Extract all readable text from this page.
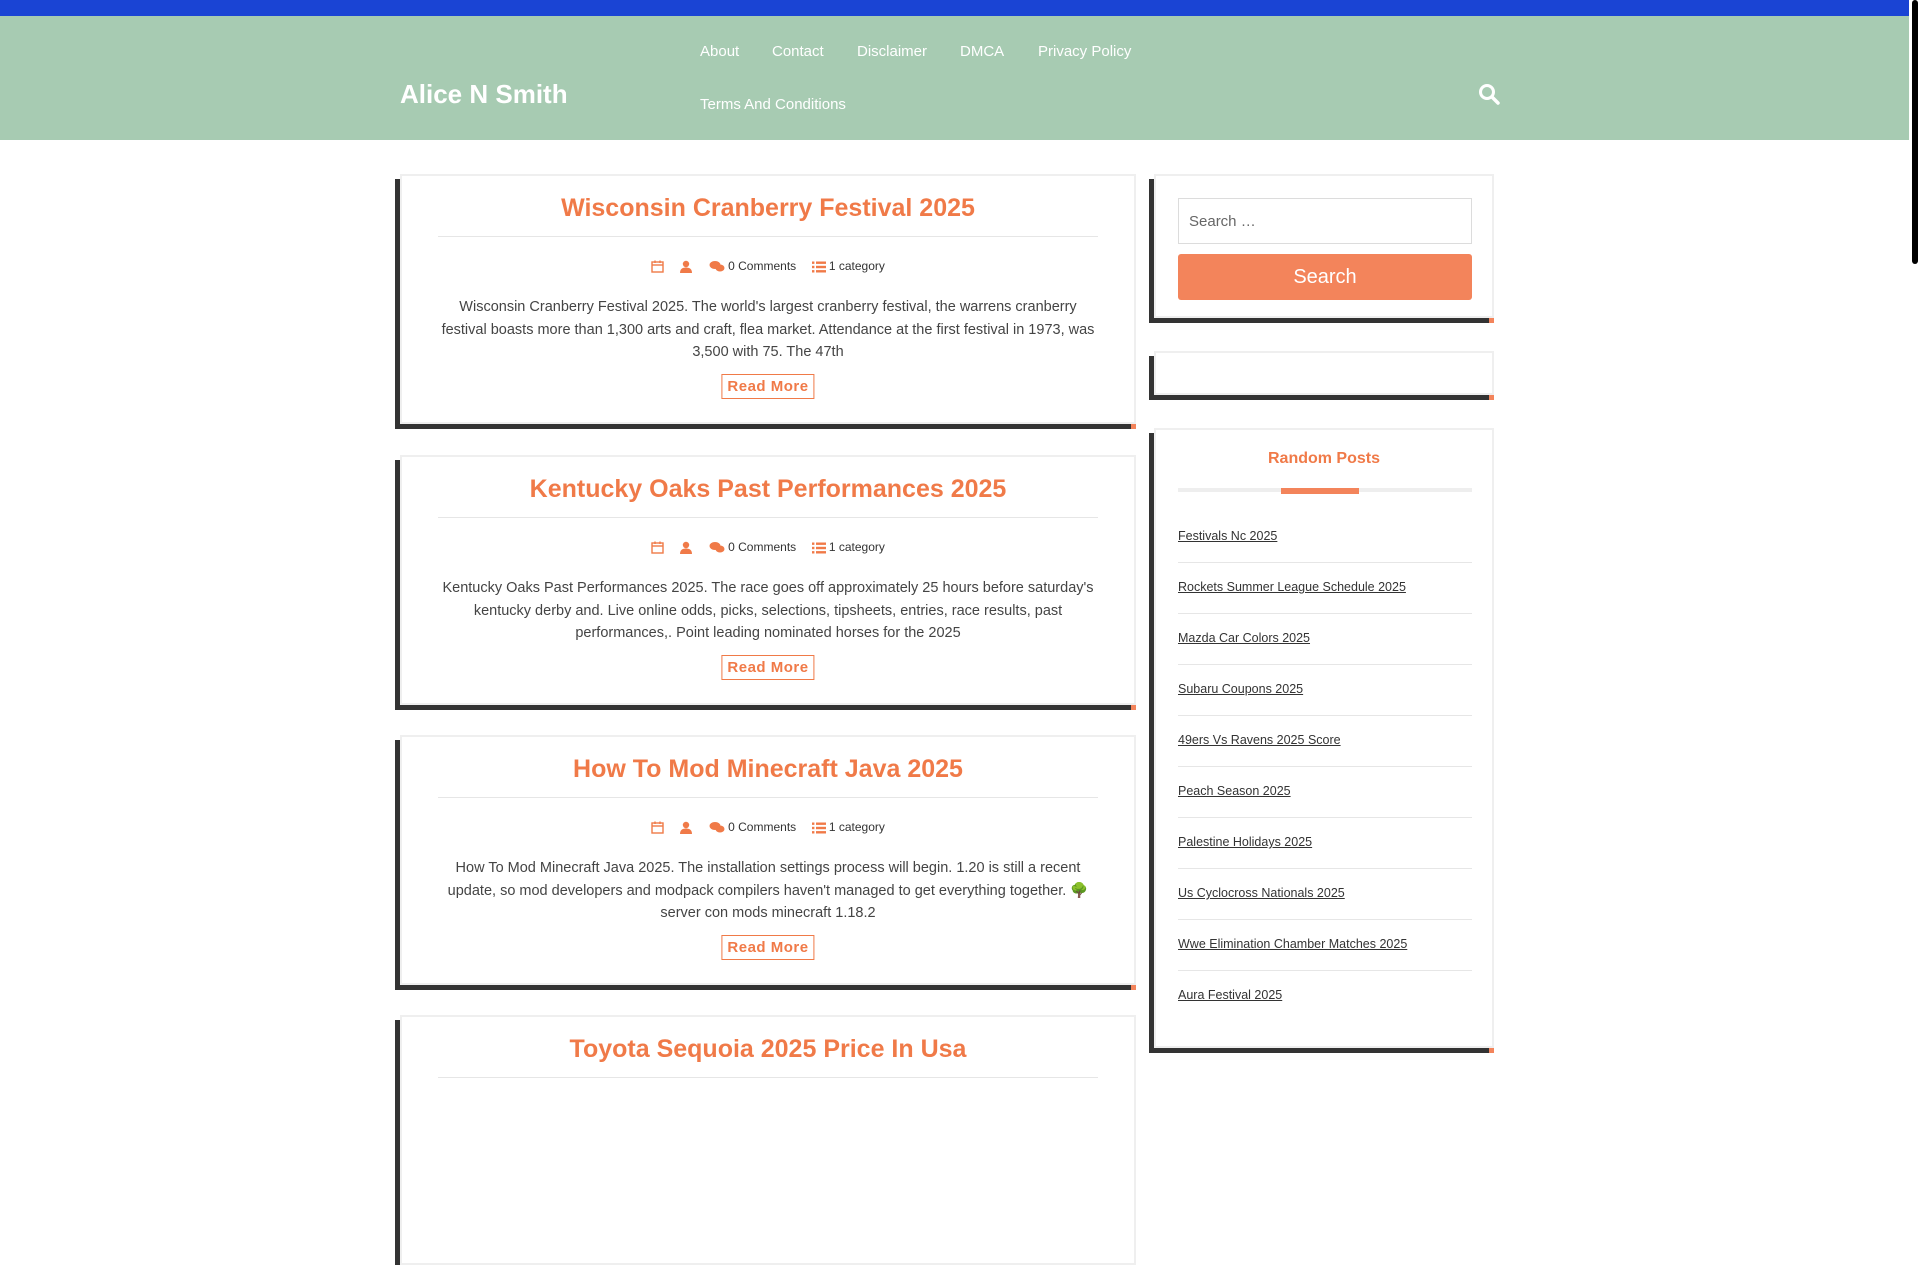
Alice N Smith
About Contact Disclaimer DMCA Privacy Policy
Terms And Conditions
Wisconsin Cranberry Festival 2025
0 Comments	1 category

Wisconsin Cranberry Festival 2025. The world's largest cranberry festival, the warrens cranberry festival boasts more than 1,300 arts and craft, flea market. Attendance at the first festival in 1973, was 3,500 with 75. The 47th

Read More
Kentucky Oaks Past Performances 2025
0 Comments	1 category

Kentucky Oaks Past Performances 2025. The race goes off approximately 25 hours before saturday's kentucky derby and. Live online odds, picks, selections, tipsheets, entries, race results, past performances,. Point leading nominated horses for the 2025

Read More
How To Mod Minecraft Java 2025
0 Comments	1 category

How To Mod Minecraft Java 2025. The installation settings process will begin. 1.20 is still a recent update, so mod developers and modpack compilers haven't managed to get everything together. 🌳server con mods minecraft 1.18.2

Read More
Toyota Sequoia 2025 Price In Usa
Search …
Search
Random Posts
Festivals Nc 2025
Rockets Summer League Schedule 2025
Mazda Car Colors 2025
Subaru Coupons 2025
49ers Vs Ravens 2025 Score
Peach Season 2025
Palestine Holidays 2025
Us Cyclocross Nationals 2025
Wwe Elimination Chamber Matches 2025
Aura Festival 2025
